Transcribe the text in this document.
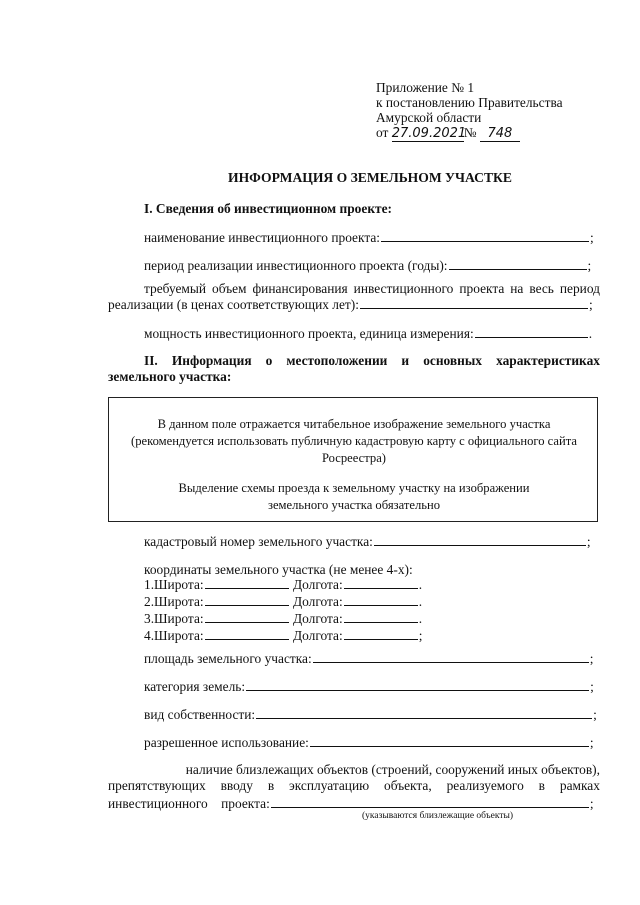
Приложение № 1
к постановлению Правительства
Амурской области
от 27.09.2021№ 748
ИНФОРМАЦИЯ О ЗЕМЕЛЬНОМ УЧАСТКЕ
I. Сведения об инвестиционном проекте:
наименование инвестиционного проекта:	;
период реализации инвестиционного проекта (годы):	;
требуемый объем финансирования инвестиционного проекта на весь период
реализации (в ценах соответствующих лет):	;
мощность инвестиционного проекта, единица измерения:	.
II. Информация о местоположении и основных характеристиках
земельного участка:
В данном поле отражается читабельное изображение земельного участка
(рекомендуется использовать публичную кадастровую карту с официального сайта
Росреестра)
Выделение схемы проезда к земельному участку на изображении
земельного участка обязательно
кадастровый номер земельного участка:	;
координаты земельного участка (не менее 4-х):
1.Широта:	Долгота:	.
2.Широта:	Долгота:	.
3.Широта:	Долгота:	.
4.Широта:	Долгота:	;
площадь земельного участка:	;
категория земель:	;
вид собственности:	;
разрешенное использование:	;
наличие близлежащих объектов (строений, сооружений иных объектов),
препятствующих вводу в эксплуатацию объекта, реализуемого в рамках
инвестиционного проекта:	;
(указываются близлежащие объекты)
